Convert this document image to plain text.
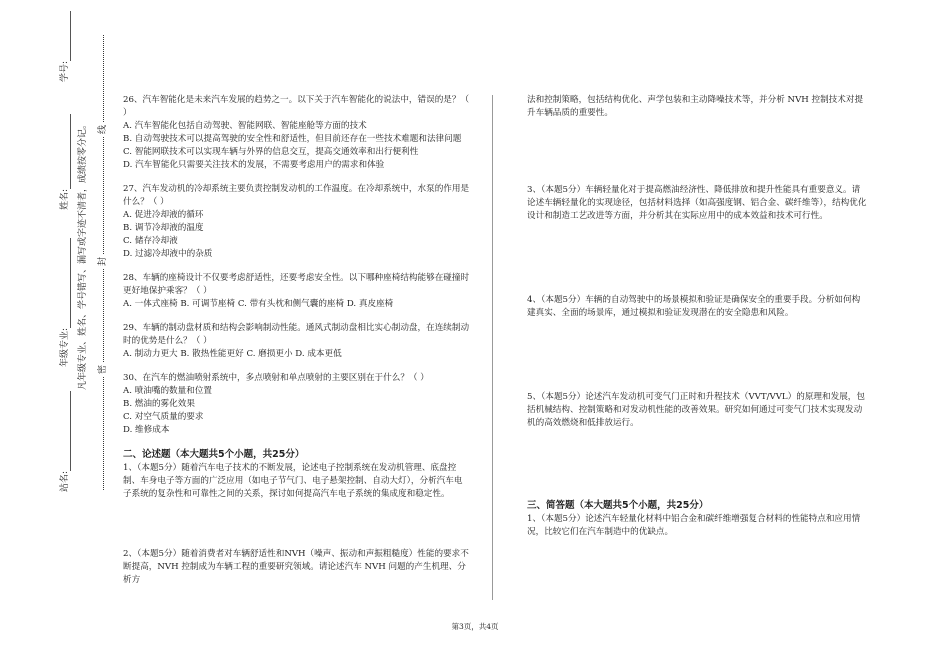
站名:
年级专业:
姓名:
学号:
凡年级专业、姓名、学号错写、漏写或字迹不清者，成绩按零分记。 密
封
线

26、汽车智能化是未来汽车发展的趋势之一。以下关于汽车智能化的说法中，错误的是？（ ）

A. 汽车智能化包括自动驾驶、智能网联、智能座舱等方面的技术

B. 自动驾驶技术可以提高驾驶的安全性和舒适性，但目前还存在一些技术难题和法律问题

C. 智能网联技术可以实现车辆与外界的信息交互，提高交通效率和出行便利性

D. 汽车智能化只需要关注技术的发展，不需要考虑用户的需求和体验

27、汽车发动机的冷却系统主要负责控制发动机的工作温度。在冷却系统中，水泵的作用是什么？（ ）

A. 促进冷却液的循环

B. 调节冷却液的温度

C. 储存冷却液

D. 过滤冷却液中的杂质

28、车辆的座椅设计不仅要考虑舒适性，还要考虑安全性。以下哪种座椅结构能够在碰撞时更好地保护乘客？（ ）

A. 一体式座椅 B. 可调节座椅 C. 带有头枕和侧气囊的座椅 D. 真皮座椅

29、车辆的制动盘材质和结构会影响制动性能。通风式制动盘相比实心制动盘，在连续制动时的优势是什么？（ ）

A. 制动力更大 B. 散热性能更好 C. 磨损更小 D. 成本更低

30、在汽车的燃油喷射系统中，多点喷射和单点喷射的主要区别在于什么？（ ）

A. 喷油嘴的数量和位置

B. 燃油的雾化效果

C. 对空气质量的要求

D. 维修成本

二、论述题（本大题共5个小题，共25分）

1、（本题5分）随着汽车电子技术的不断发展，论述电子控制系统在发动机管理、底盘控制、车身电子等方面的广泛应用（如电子节气门、电子悬架控制、自动大灯），分析汽车电子系统的复杂性和可靠性之间的关系，探讨如何提高汽车电子系统的集成度和稳定性。

2、（本题5分）随着消费者对车辆舒适性和NVH（噪声、振动和声振粗糙度）性能的要求不断提高，NVH 控制成为车辆工程的重要研究领域。请论述汽车 NVH 问题的产生机理、分析方

法和控制策略，包括结构优化、声学包装和主动降噪技术等，并分析 NVH 控制技术对提升车辆品质的重要性。

3、（本题5分）车辆轻量化对于提高燃油经济性、降低排放和提升性能具有重要意义。请论述车辆轻量化的实现途径，包括材料选择（如高强度钢、铝合金、碳纤维等），结构优化设计和制造工艺改进等方面，并分析其在实际应用中的成本效益和技术可行性。

4、（本题5分）车辆的自动驾驶中的场景模拟和验证是确保安全的重要手段。分析如何构建真实、全面的场景库，通过模拟和验证发现潜在的安全隐患和风险。

5、（本题5分）论述汽车发动机可变气门正时和升程技术（VVT/VVL）的原理和发展，包括机械结构、控制策略和对发动机性能的改善效果。研究如何通过可变气门技术实现发动机的高效燃烧和低排放运行。

三、简答题（本大题共5个小题，共25分）

1、（本题5分）论述汽车轻量化材料中铝合金和碳纤维增强复合材料的性能特点和应用情况，比较它们在汽车制造中的优缺点。

第3页，共4页
